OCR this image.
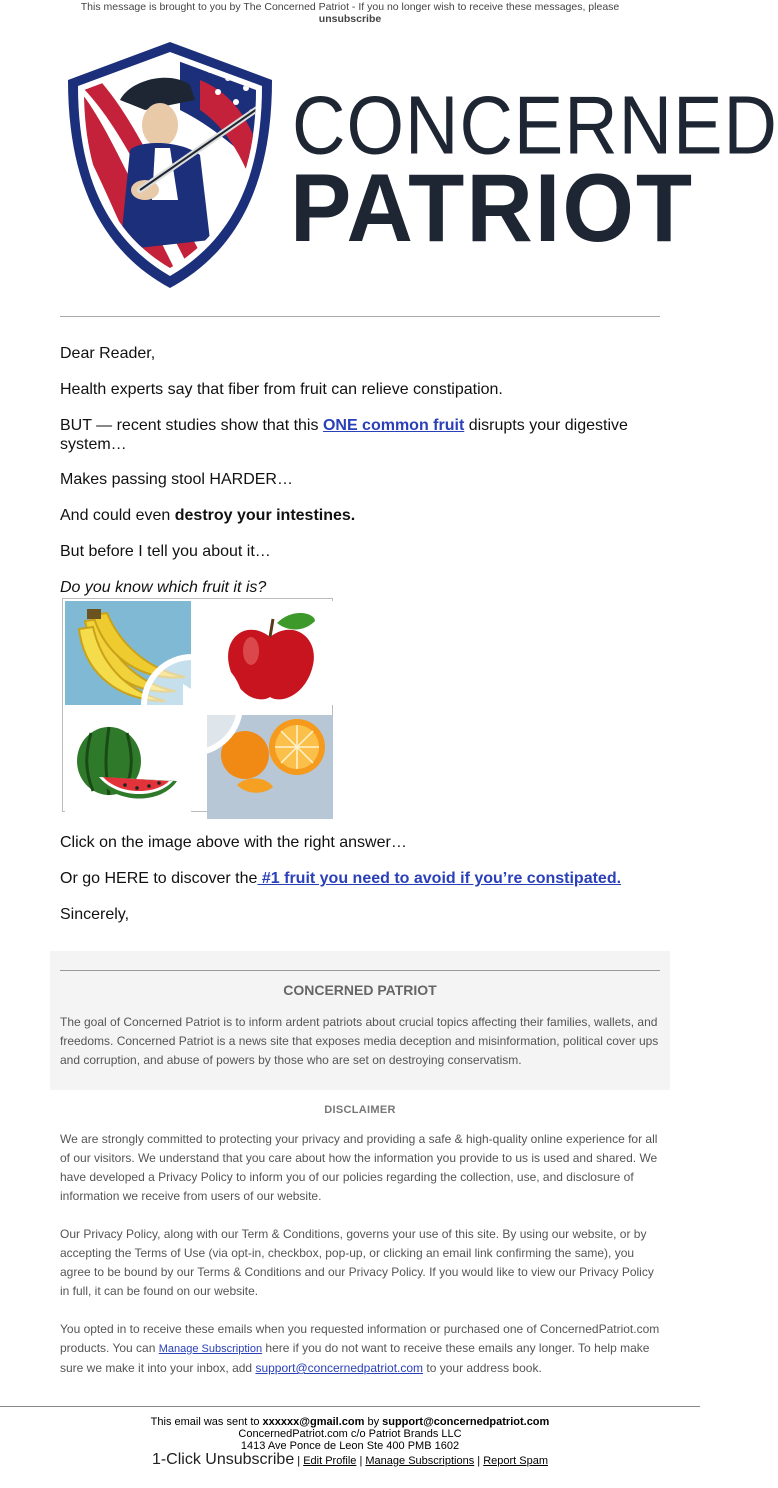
This message is brought to you by The Concerned Patriot - If you no longer wish to receive these messages, please
unsubscribe
CONCERNED
PATRIOT
Dear Reader,
Health experts say that fiber from fruit can relieve constipation.
BUT — recent studies show that this ONE common fruit disrupts your digestive system…
Makes passing stool HARDER…
And could even destroy your intestines.
But before I tell you about it…
Do you know which fruit it is?
Click on the image above with the right answer…
Or go HERE to discover the #1 fruit you need to avoid if you’re constipated.
Sincerely,
CONCERNED PATRIOT
The goal of Concerned Patriot is to inform ardent patriots about crucial topics affecting their families, wallets, and freedoms. Concerned Patriot is a news site that exposes media deception and misinformation, political cover ups and corruption, and abuse of powers by those who are set on destroying conservatism.
DISCLAIMER
We are strongly committed to protecting your privacy and providing a safe & high-quality online experience for all of our visitors. We understand that you care about how the information you provide to us is used and shared. We have developed a Privacy Policy to inform you of our policies regarding the collection, use, and disclosure of information we receive from users of our website.
Our Privacy Policy, along with our Term & Conditions, governs your use of this site. By using our website, or by accepting the Terms of Use (via opt-in, checkbox, pop-up, or clicking an email link confirming the same), you agree to be bound by our Terms & Conditions and our Privacy Policy. If you would like to view our Privacy Policy in full, it can be found on our website.
You opted in to receive these emails when you requested information or purchased one of ConcernedPatriot.com products. You can Manage Subscription here if you do not want to receive these emails any longer. To help make sure we make it into your inbox, add support@concernedpatriot.com to your address book.
This email was sent to xxxxxx@gmail.com by support@concernedpatriot.com
ConcernedPatriot.com c/o Patriot Brands LLC
1413 Ave Ponce de Leon Ste 400 PMB 1602
1-Click Unsubscribe | Edit Profile | Manage Subscriptions | Report Spam
